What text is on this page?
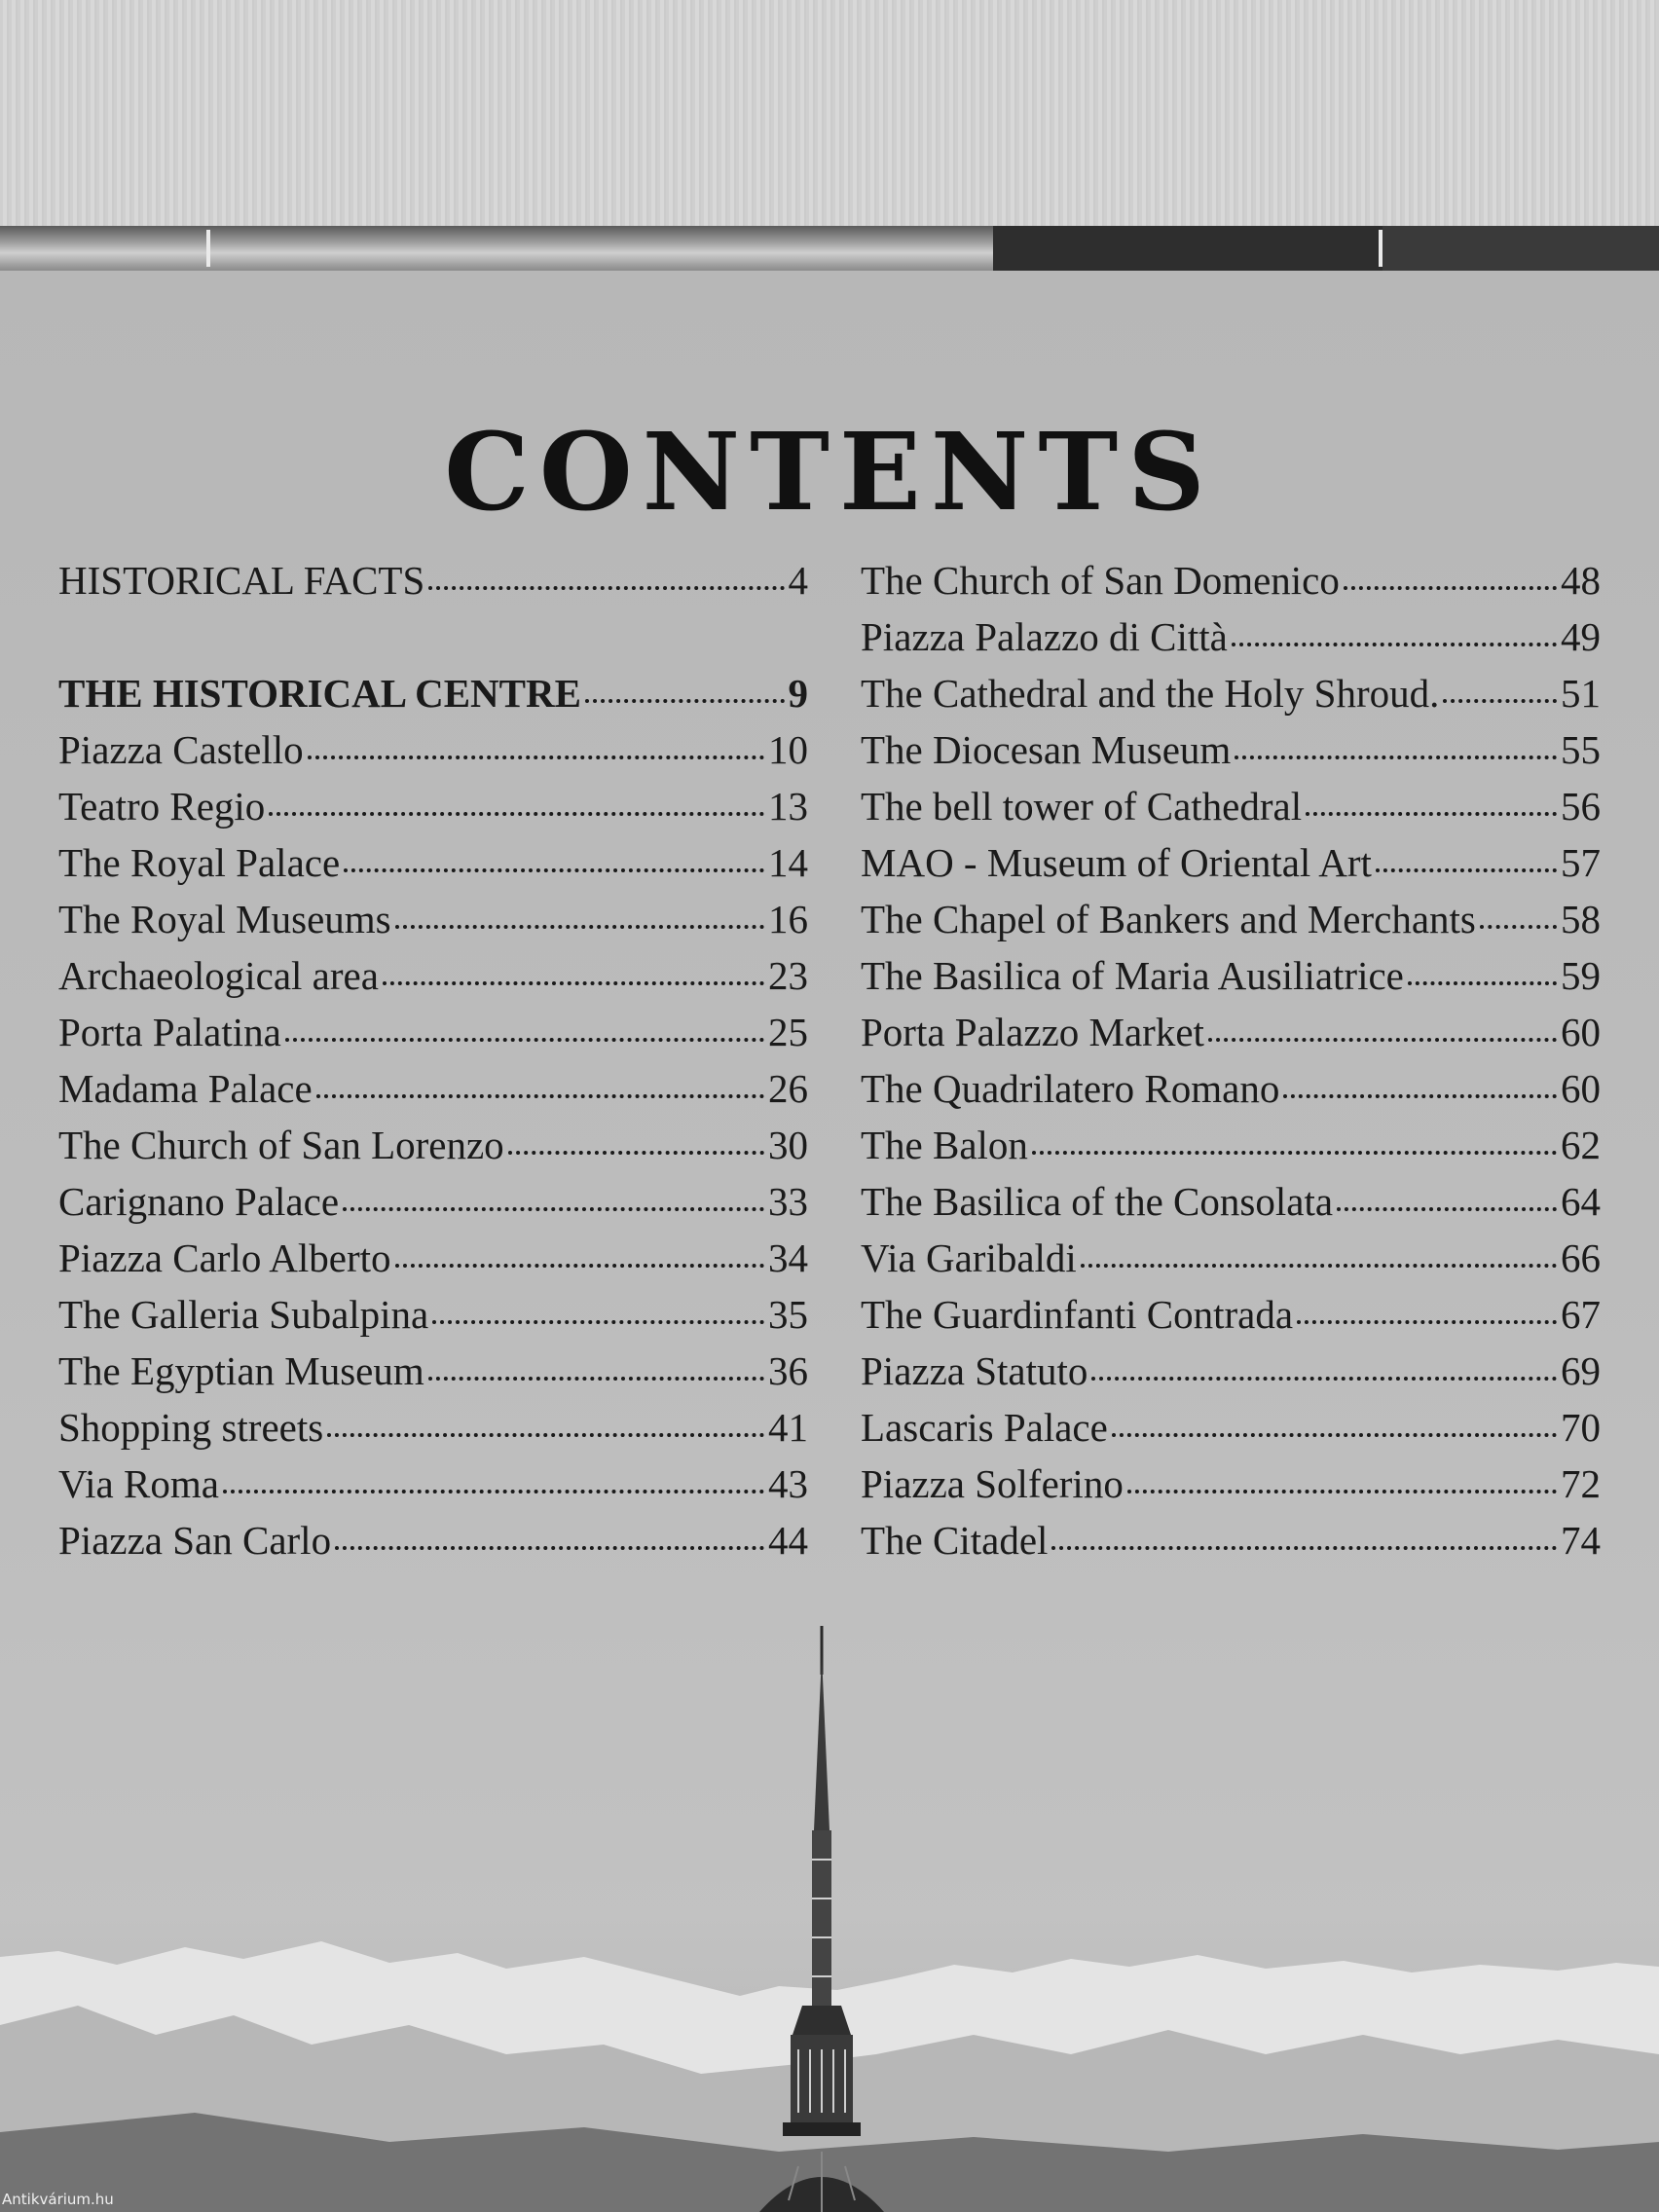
CONTENTS
HISTORICAL FACTS	4
THE HISTORICAL CENTRE	9
Piazza Castello	10
Teatro Regio	13
The Royal Palace	14
The Royal Museums	16
Archaeological area	23
Porta Palatina	25
Madama Palace	26
The Church of San Lorenzo	30
Carignano Palace	33
Piazza Carlo Alberto	34
The Galleria Subalpina	35
The Egyptian Museum	36
Shopping streets	41
Via Roma	43
Piazza San Carlo	44
The Church of San Domenico	48
Piazza Palazzo di Città	49
The Cathedral and the Holy Shroud.	51
The Diocesan Museum	55
The bell tower of Cathedral	56
MAO - Museum of Oriental Art	57
The Chapel of Bankers and Merchants 58
The Basilica of Maria Ausiliatrice	59
Porta Palazzo Market	60
The Quadrilatero Romano	60
The Balon	62
The Basilica of the Consolata	64
Via Garibaldi	66
The Guardinfanti Contrada	67
Piazza Statuto	69
Lascaris Palace	70
Piazza Solferino	72
The Citadel	74
Antikvárium.hu
